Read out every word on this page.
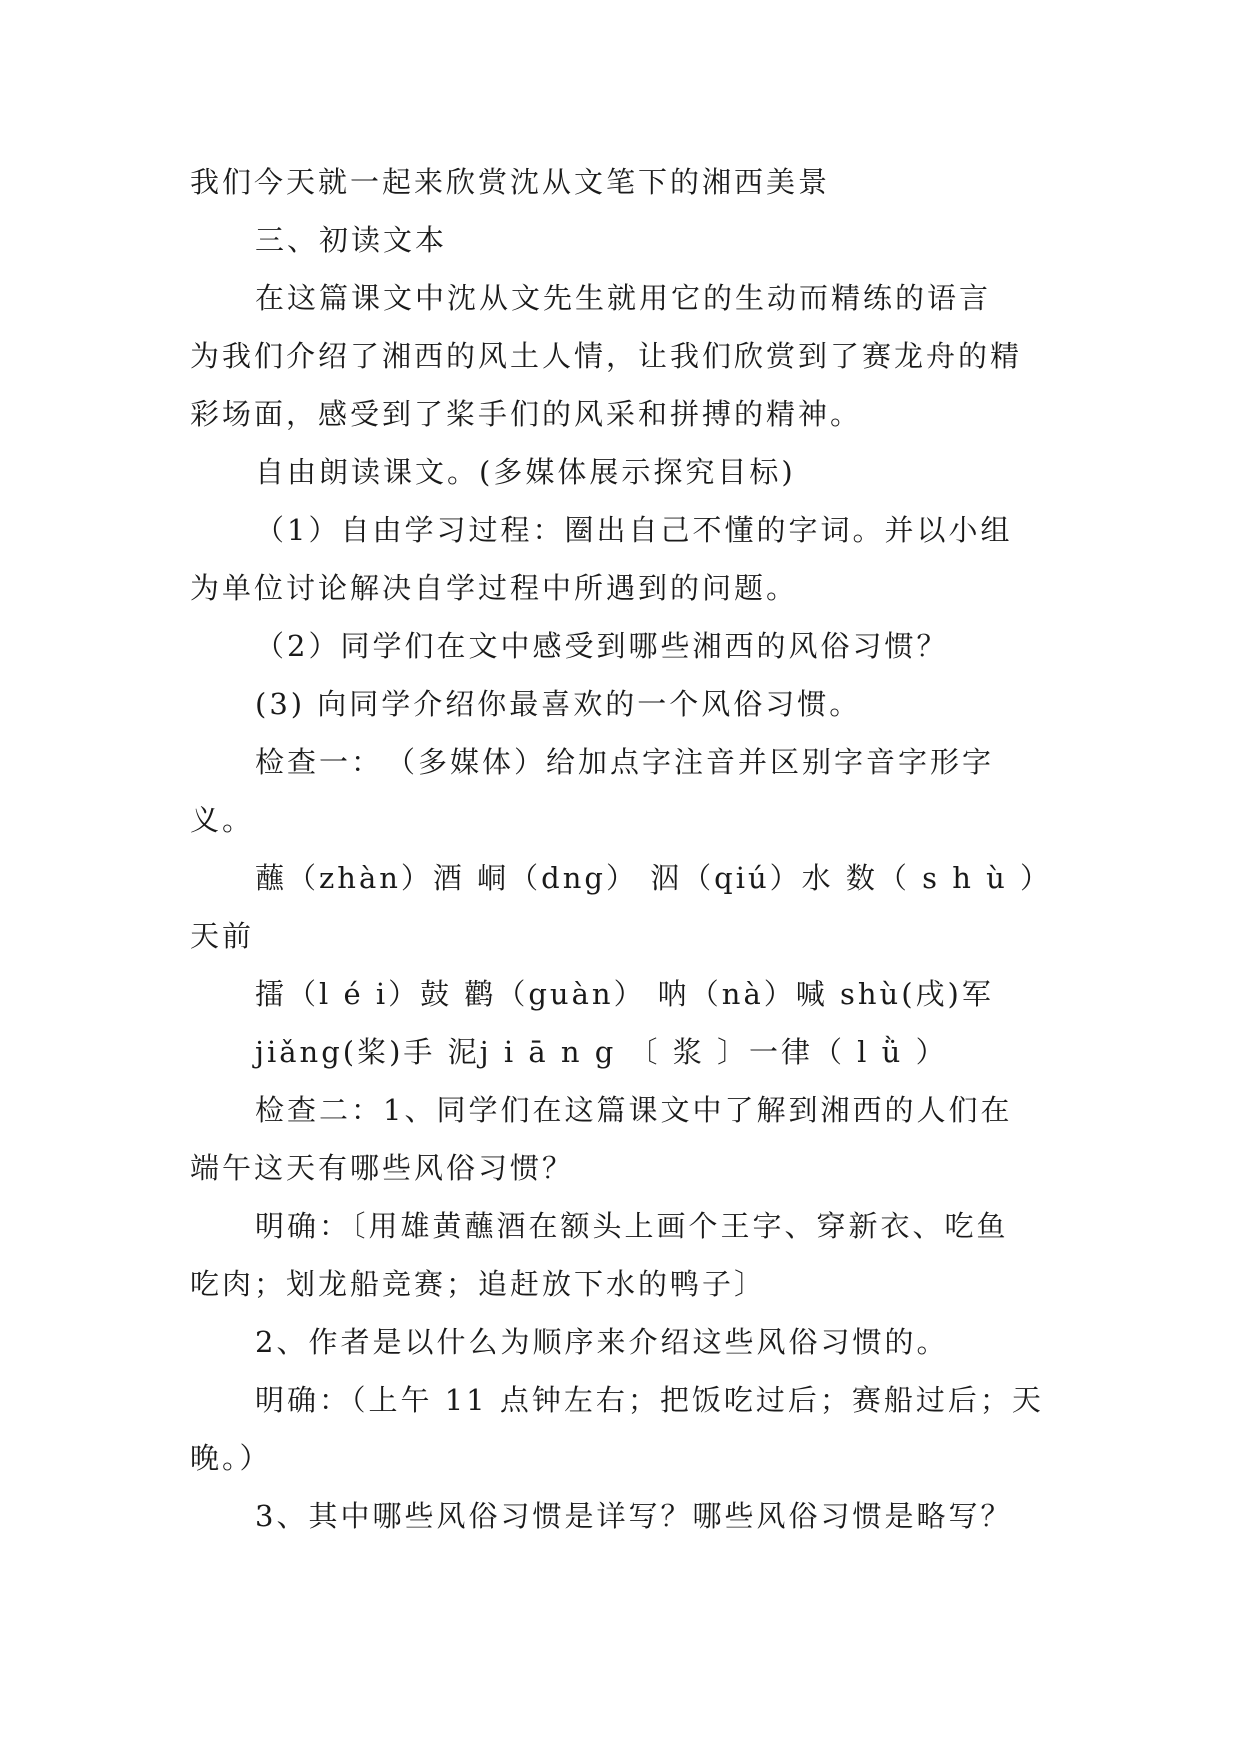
我们今天就一起来欣赏沈从文笔下的湘西美景
三、初读文本
在这篇课文中沈从文先生就用它的生动而精练的语言
为我们介绍了湘西的风土人情，让我们欣赏到了赛龙舟的精
彩场面，感受到了桨手们的风采和拼搏的精神。
自由朗读课文。(多媒体展示探究目标)
（1）自由学习过程：圈出自己不懂的字词。并以小组
为单位讨论解决自学过程中所遇到的问题。
（2）同学们在文中感受到哪些湘西的风俗习惯？
(3) 向同学介绍你最喜欢的一个风俗习惯。
检查一：　（多媒体）给加点字注音并区别字音字形字
义。
蘸（zhàn）酒 峒（dng） 泅（qiú）水 数（ s h ù ）
天前
擂（l é i）鼓 鹳（guàn） 呐（nà）喊 shù(戌)军
jiǎng(桨)手 泥j i ā n g 〔 浆 〕一律（ l ǜ ）
检查二：1、同学们在这篇课文中了解到湘西的人们在
端午这天有哪些风俗习惯？
明确：〔用雄黄蘸酒在额头上画个王字、穿新衣、吃鱼
吃肉；划龙船竞赛；追赶放下水的鸭子〕
2、作者是以什么为顺序来介绍这些风俗习惯的。
明确：（上午 11 点钟左右；把饭吃过后；赛船过后；天
晚。）
3、其中哪些风俗习惯是详写？哪些风俗习惯是略写？
